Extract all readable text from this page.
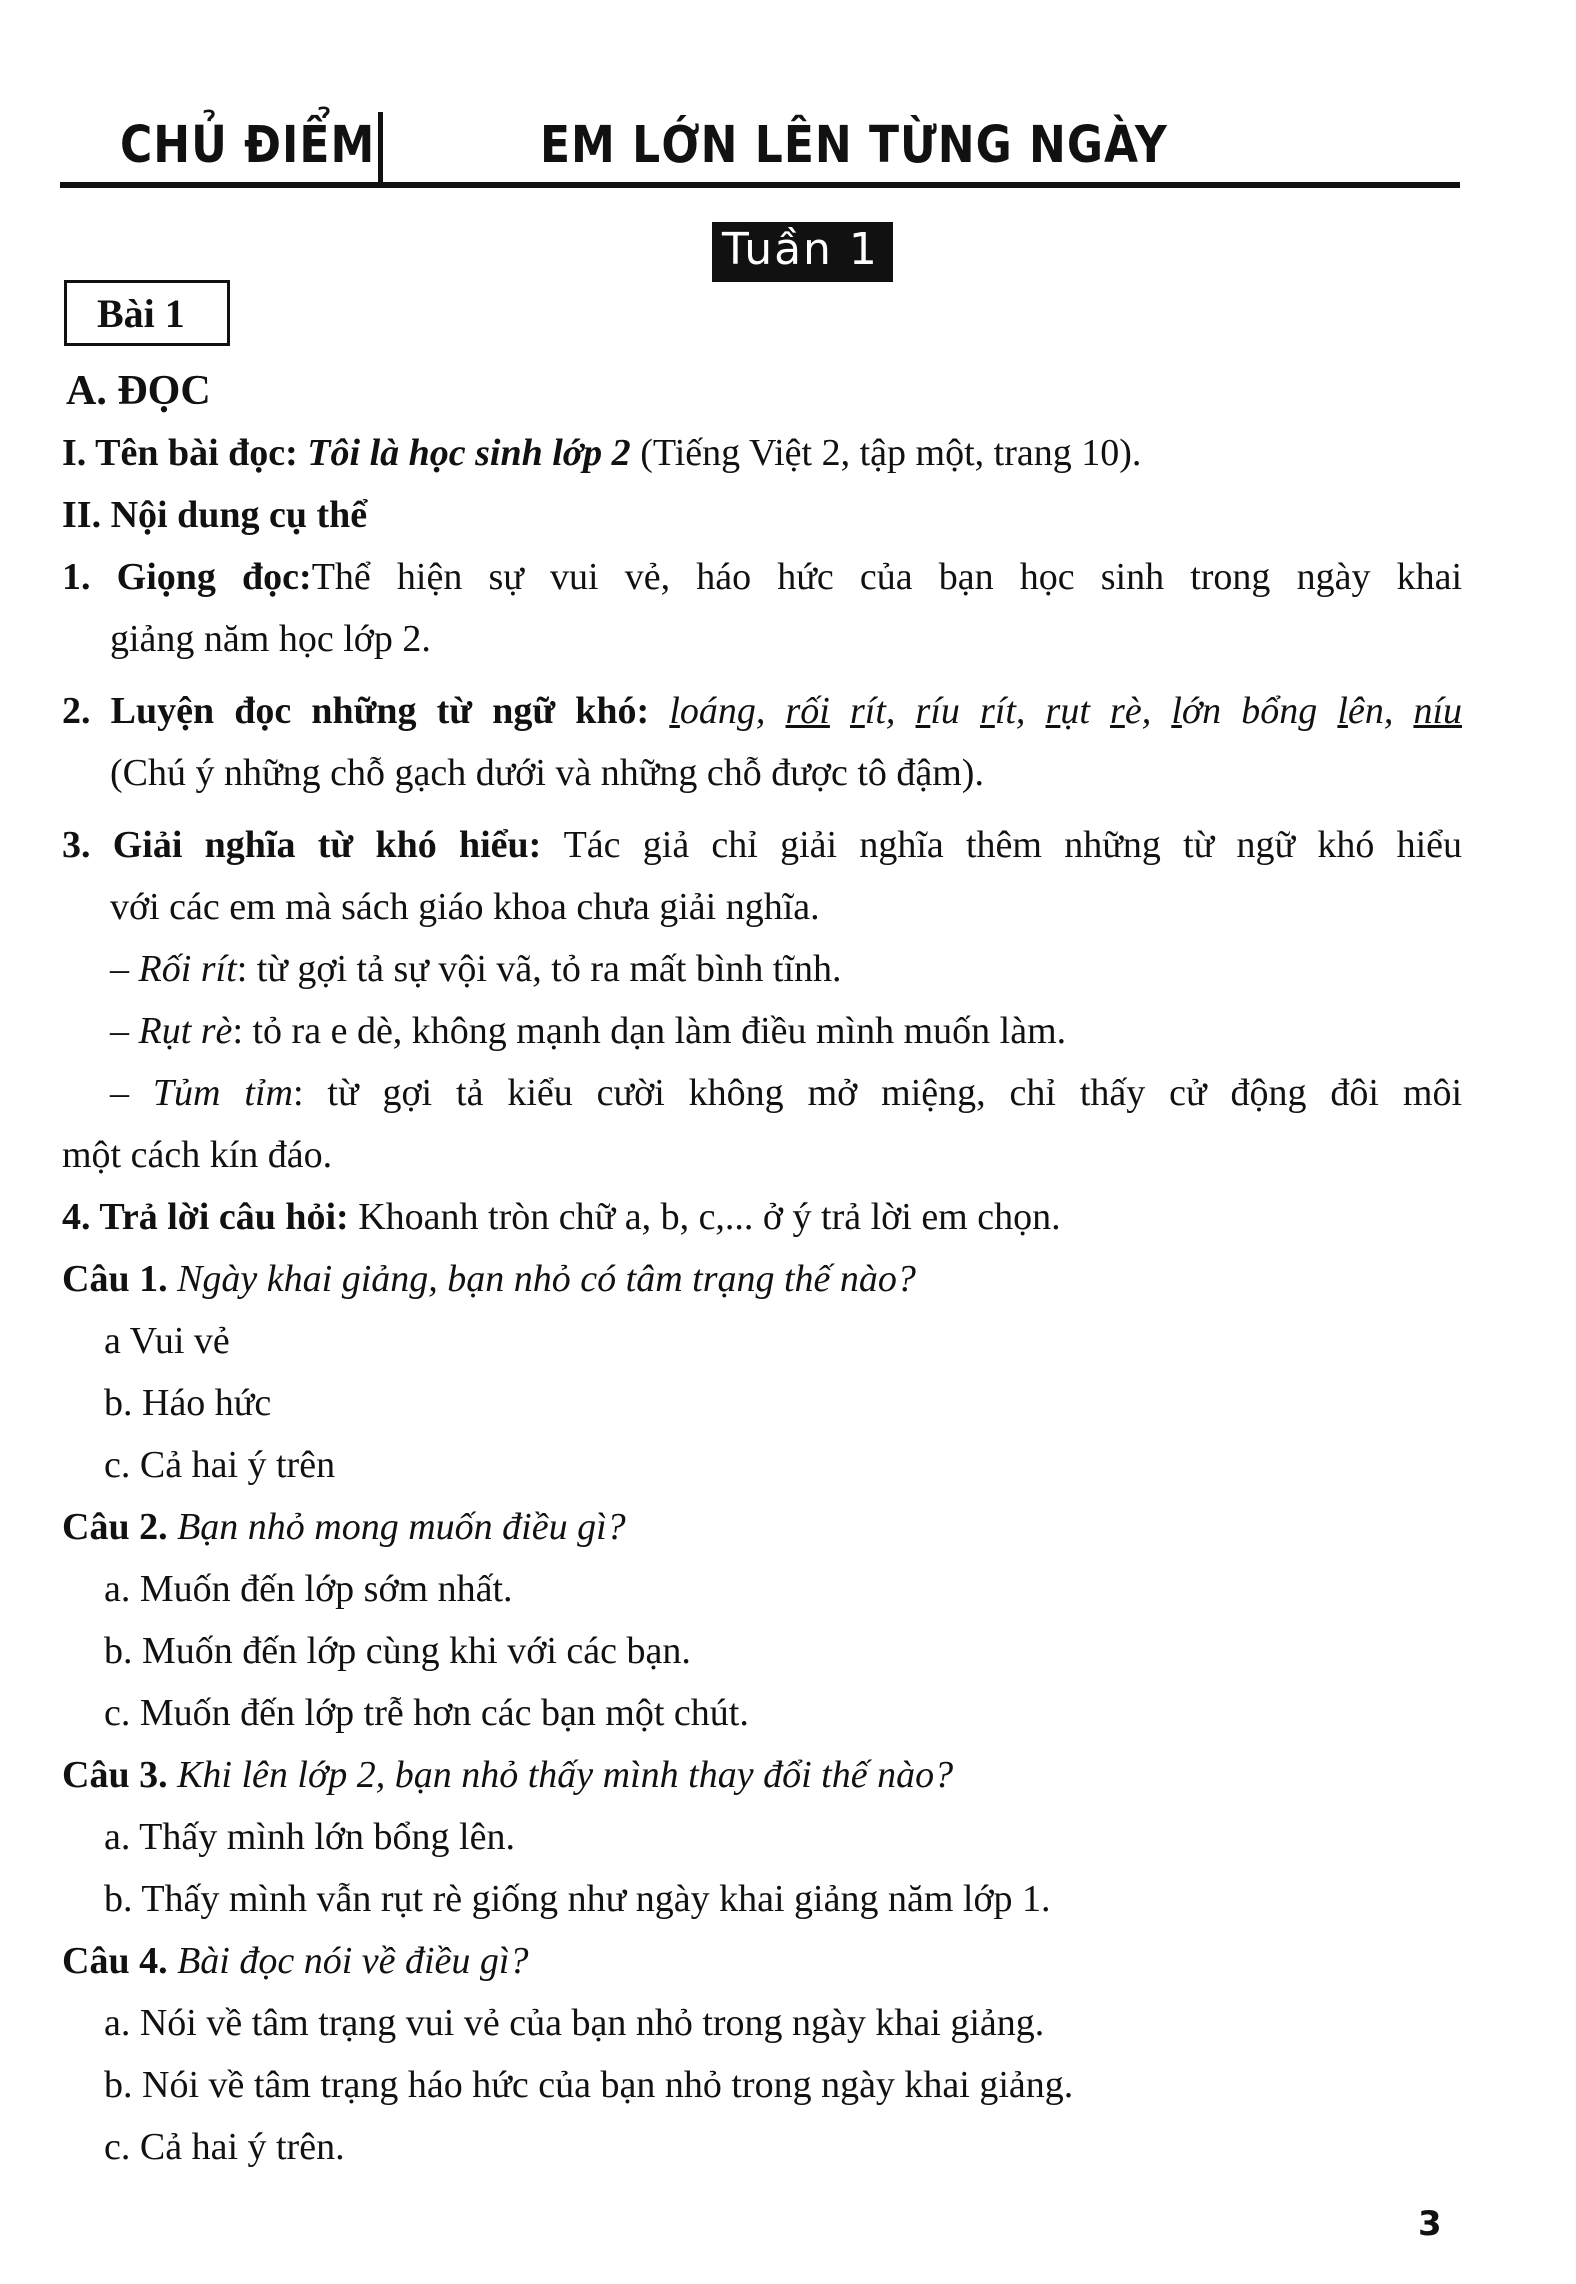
CHỦ ĐIỂM	EM LỚN LÊN TỪNG NGÀY
Tuần 1
Bài 1
A. ĐỌC
I. Tên bài đọc: Tôi là học sinh lớp 2 (Tiếng Việt 2, tập một, trang 10).
II. Nội dung cụ thể
1. Giọng đọc:Thể hiện sự vui vẻ, háo hức của bạn học sinh trong ngày khai
giảng năm học lớp 2.
2. Luyện đọc những từ ngữ khó: loáng, rối rít, ríu rít, rụt rè, lớn bổng lên, níu
(Chú ý những chỗ gạch dưới và những chỗ được tô đậm).
3. Giải nghĩa từ khó hiểu: Tác giả chỉ giải nghĩa thêm những từ ngữ khó hiểu
với các em mà sách giáo khoa chưa giải nghĩa.
– Rối rít: từ gợi tả sự vội vã, tỏ ra mất bình tĩnh.
– Rụt rè: tỏ ra e dè, không mạnh dạn làm điều mình muốn làm.
– Tủm tỉm: từ gợi tả kiểu cười không mở miệng, chỉ thấy cử động đôi môi
một cách kín đáo.
4. Trả lời câu hỏi: Khoanh tròn chữ a, b, c,... ở ý trả lời em chọn.
Câu 1. Ngày khai giảng, bạn nhỏ có tâm trạng thế nào?
a Vui vẻ
b. Háo hức
c. Cả hai ý trên
Câu 2. Bạn nhỏ mong muốn điều gì?
a. Muốn đến lớp sớm nhất.
b. Muốn đến lớp cùng khi với các bạn.
c. Muốn đến lớp trễ hơn các bạn một chút.
Câu 3. Khi lên lớp 2, bạn nhỏ thấy mình thay đổi thế nào?
a. Thấy mình lớn bổng lên.
b. Thấy mình vẫn rụt rè giống như ngày khai giảng năm lớp 1.
Câu 4. Bài đọc nói về điều gì?
a. Nói về tâm trạng vui vẻ của bạn nhỏ trong ngày khai giảng.
b. Nói về tâm trạng háo hức của bạn nhỏ trong ngày khai giảng.
c. Cả hai ý trên.
3
